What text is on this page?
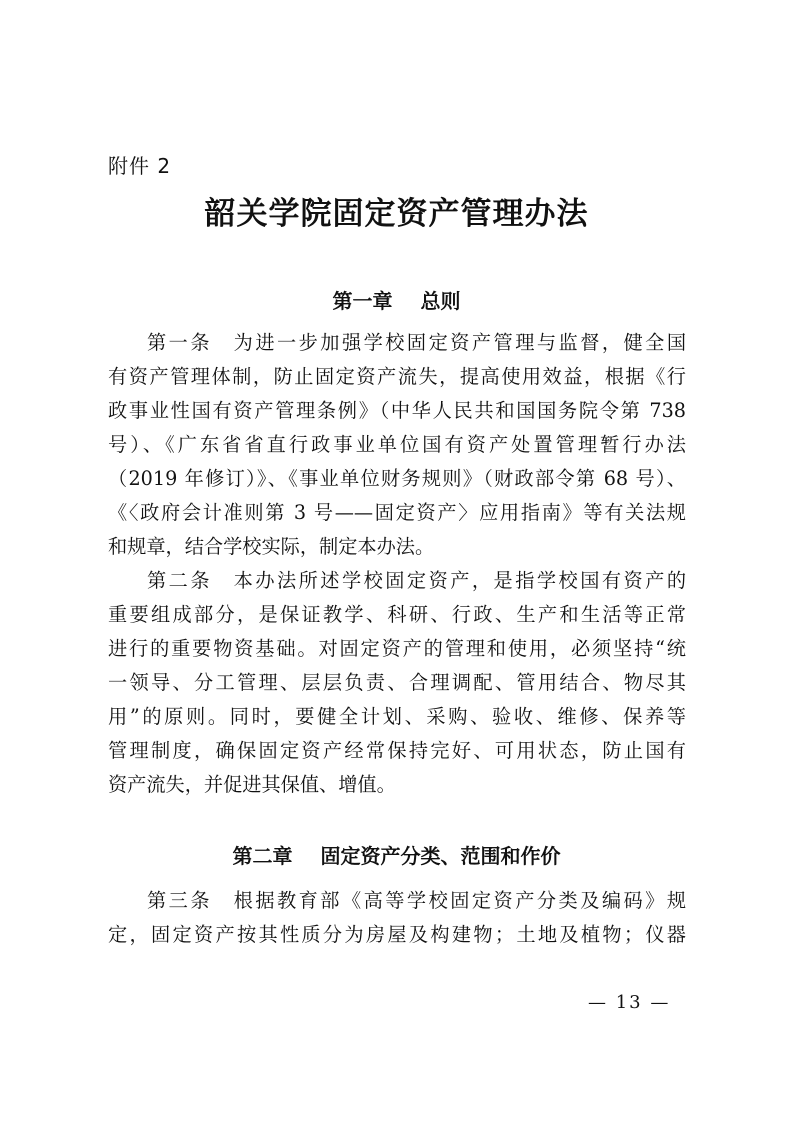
附件 2
韶关学院固定资产管理办法
第一章 总则
第一条　 为进一步加强学校固定资产管理与监督，健全国
有资产管理体制，防止固定资产流失，提高使用效益，根据《行
政事业性国有资产管理条例》（中华人民共和国国务院令第 738
号）、《广东省省直行政事业单位国有资产处置管理暂行办法
（2019 年修订）》、《事业单位财务规则》（财政部令第 68 号）、
《〈政府会计准则第 3 号——固定资产〉应用指南》等有关法规
和规章，结合学校实际，制定本办法。
第二条　 本办法所述学校固定资产，是指学校国有资产的
重要组成部分，是保证教学、科研、行政、生产和生活等正常
进行的重要物资基础。对固定资产的管理和使用，必须坚持“统
一领导、分工管理、层层负责、合理调配、管用结合、物尽其
用”的原则。同时，要健全计划、采购、验收、维修、保养等
管理制度，确保固定资产经常保持完好、可用状态，防止国有
资产流失，并促进其保值、增值。
第二章 固定资产分类、范围和作价
第三条　 根据教育部《高等学校固定资产分类及编码》规
定，固定资产按其性质分为房屋及构建物；土地及植物；仪器
— 13 —
